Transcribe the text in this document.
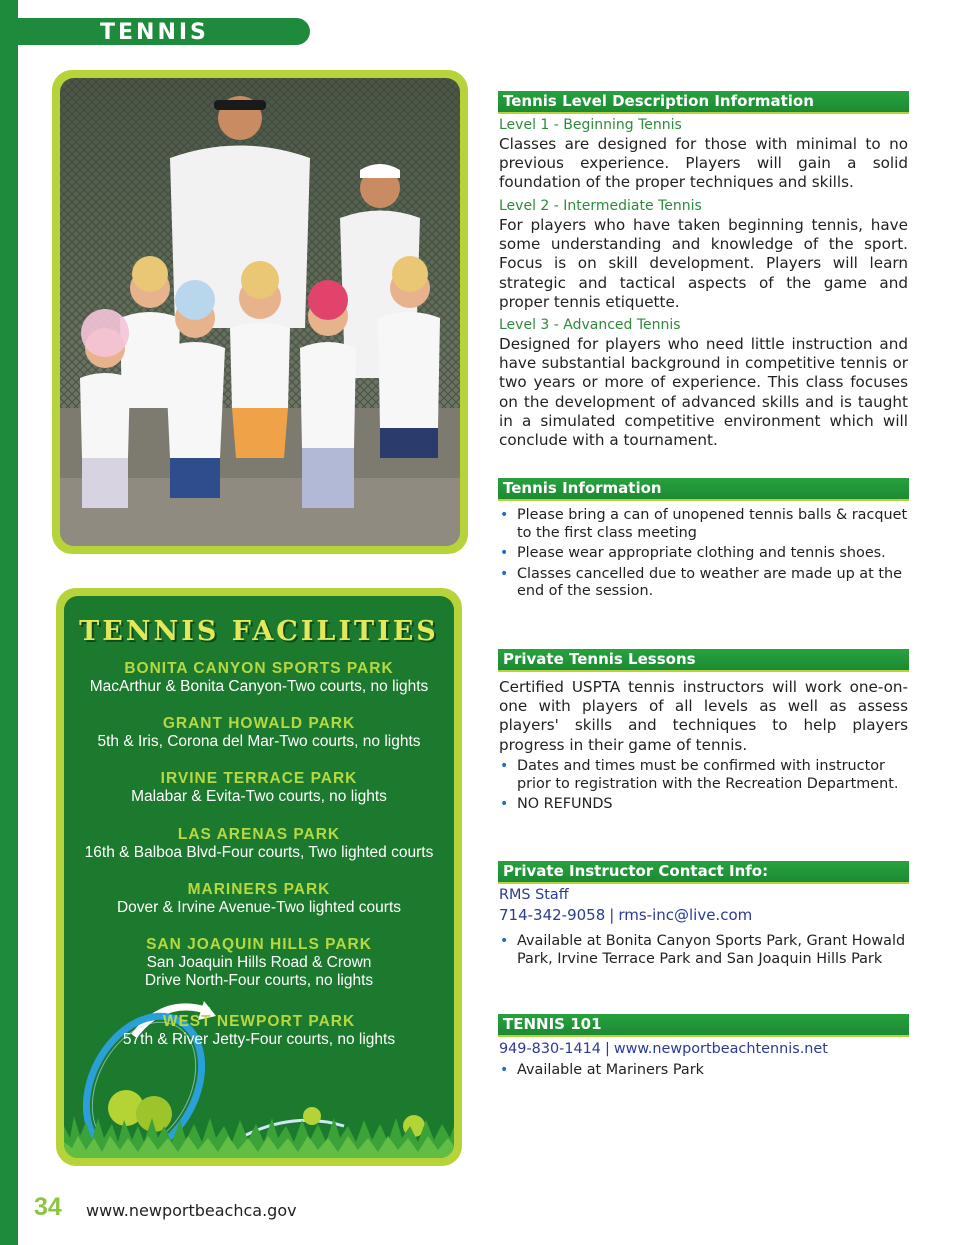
TENNIS
TENNIS FACILITIES
BONITA CANYON SPORTS PARK
MacArthur & Bonita Canyon-Two courts, no lights
GRANT HOWALD PARK
5th & Iris, Corona del Mar-Two courts, no lights
IRVINE TERRACE PARK
Malabar & Evita-Two courts, no lights
LAS ARENAS PARK
16th & Balboa Blvd-Four courts, Two lighted courts
MARINERS PARK
Dover & Irvine Avenue-Two lighted courts
SAN JOAQUIN HILLS PARK
San Joaquin Hills Road & Crown
Drive North-Four courts, no lights
WEST NEWPORT PARK
57th & River Jetty-Four courts, no lights
Tennis Level Description Information
Level 1 - Beginning Tennis
Classes are designed for those with minimal to no previous experience. Players will gain a solid foundation of the proper techniques and skills.
Level 2 - Intermediate Tennis
For players who have taken beginning tennis, have some understanding and knowledge of the sport. Focus is on skill development. Players will learn strategic and tactical aspects of the game and proper tennis etiquette.
Level 3 - Advanced Tennis
Designed for players who need little instruction and have substantial background in competitive tennis or two years or more of experience. This class focuses on the development of advanced skills and is taught in a simulated competitive environment which will conclude with a tournament.
Tennis Information
• Please bring a can of unopened tennis balls & racquet to the first class meeting
• Please wear appropriate clothing and tennis shoes.
• Classes cancelled due to weather are made up at the end of the session.
Private Tennis Lessons
Certified USPTA tennis instructors will work one-on-one with players of all levels as well as assess players' skills and techniques to help players progress in their game of tennis.
• Dates and times must be confirmed with instructor prior to registration with the Recreation Department.
• NO REFUNDS
Private Instructor Contact Info:
RMS Staff
714-342-9058 | rms-inc@live.com
• Available at Bonita Canyon Sports Park, Grant Howald Park, Irvine Terrace Park and San Joaquin Hills Park
TENNIS 101
949-830-1414 | www.newportbeachtennis.net
• Available at Mariners Park
34 www.newportbeachca.gov
